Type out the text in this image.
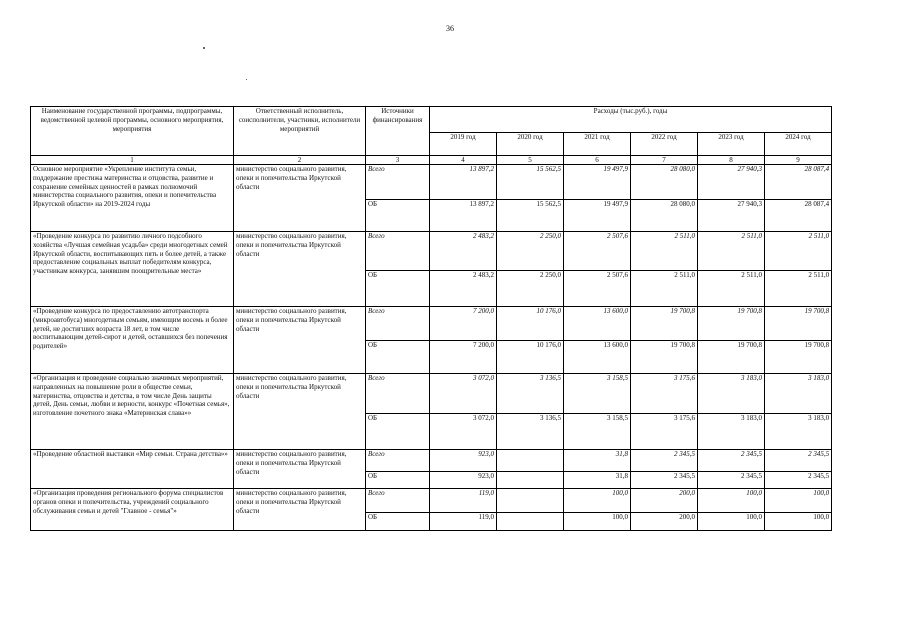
36
Наименование государственной программы, подпрограммы, ведомственной целевой программы, основного мероприятия, мероприятия	Ответственный исполнитель, соисполнители, участники, исполнители мероприятий	Источники финансирования	Расходы (тыс.руб.), годы					
			2019 год	2020 год	2021 год	2022 год	2023 год	2024 год
1	2	3	4	5	6	7	8	9
Основное мероприятие «Укрепление института семьи, поддержание престижа материнства и отцовства, развитие и сохранение семейных ценностей в рамках полномочий министерства социального развития, опеки и попечительства Иркутской области» на 2019-2024 годы	министерство социального развития, опеки и попечительства Иркутской области	Всего	13 897,2	15 562,5	19 497,9	28 080,0	27 940,3	28 087,4
		ОБ	13 897,2	15 562,5	19 497,9	28 080,0	27 940,3	28 087,4
«Проведение конкурса по развитию личного подсобного хозяйства «Лучшая семейная усадьба» среди многодетных семей Иркутской области, воспитывающих пять и более детей, а также предоставление социальных выплат победителям конкурса, участникам конкурса, занявшим поощрительные места»	министерство социального развития, опеки и попечительства Иркутской области	Всего	2 483,2	2 250,0	2 507,6	2 511,0	2 511,0	2 511,0
		ОБ	2 483,2	2 250,0	2 507,6	2 511,0	2 511,0	2 511,0
«Проведение конкурса по предоставлению автотранспорта (микроавтобуса) многодетным семьям, имеющим восемь и более детей, не достигших возраста 18 лет, в том числе воспитывающим детей-сирот и детей, оставшихся без попечения родителей»	министерство социального развития, опеки и попечительства Иркутской области	Всего	7 200,0	10 176,0	13 600,0	19 700,8	19 700,8	19 700,8
		ОБ	7 200,0	10 176,0	13 600,0	19 700,8	19 700,8	19 700,8
«Организация и проведение социально значимых мероприятий, направленных на повышение роли в обществе семьи, материнства, отцовства и детства, в том числе День защиты детей, День семьи, любви и верности, конкурс «Почетная семья», изготовление почетного знака «Материнская слава»»	министерство социального развития, опеки и попечительства Иркутской области	Всего	3 072,0	3 136,5	3 158,5	3 175,6	3 183,0	3 183,0
		ОБ	3 072,0	3 136,5	3 158,5	3 175,6	3 183,0	3 183,0
«Проведение областной выставки «Мир семьи. Страна детства»»	министерство социального развития, опеки и попечительства Иркутской области	Всего	923,0		31,8	2 345,5	2 345,5	2 345,5
		ОБ	923,0		31,8	2 345,5	2 345,5	2 345,5
«Организация проведения регионального форума специалистов органов опеки и попечительства, учреждений социального обслуживания семьи и детей "Главное - семья"»	министерство социального развития, опеки и попечительства Иркутской области	Всего	119,0		100,0	200,0	100,0	100,0
		ОБ	119,0		100,0	200,0	100,0	100,0
